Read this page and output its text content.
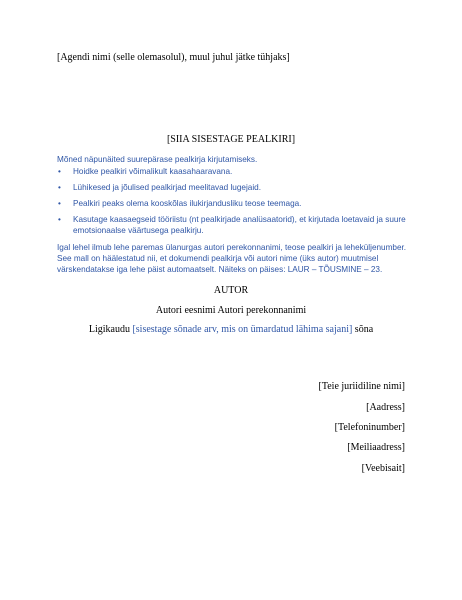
[Agendi nimi (selle olemasolul), muul juhul jätke tühjaks]
[SIIA SISESTAGE PEALKIRI]
Mõned näpunäited suurepärase pealkirja kirjutamiseks.
• Hoidke pealkiri võimalikult kaasahaaravana.
• Lühikesed ja jõulised pealkirjad meelitavad lugejaid.
• Pealkiri peaks olema kooskõlas ilukirjandusliku teose teemaga.
• Kasutage kaasaegseid tööriistu (nt pealkirjade analüsaatorid), et kirjutada loetavaid ja suure emotsionaalse väärtusega pealkirju.
Igal lehel ilmub lehe paremas ülanurgas autori perekonnanimi, teose pealkiri ja leheküljenumber. See mall on häälestatud nii, et dokumendi pealkirja või autori nime (üks autor) muutmisel värskendatakse iga lehe päist automaatselt. Näiteks on päises: LAUR – TÕUSMINE – 23.
AUTOR
Autori eesnimi Autori perekonnanimi
Ligikaudu [sisestage sõnade arv, mis on ümardatud lähima sajani] sõna
[Teie juriidiline nimi]
[Aadress]
[Telefoninumber]
[Meiliaadress]
[Veebisait]
